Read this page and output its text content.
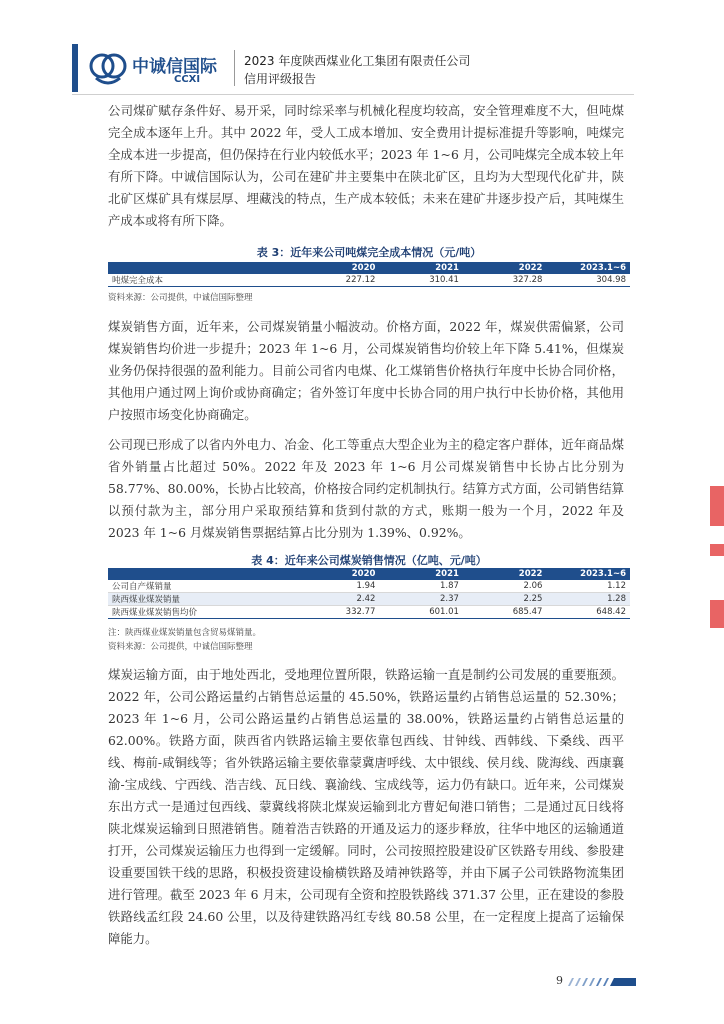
中诚信国际
CCXI
2023 年度陕西煤业化工集团有限责任公司
信用评级报告

公司煤矿赋存条件好、易开采，同时综采率与机械化程度均较高，安全管理难度不大，但吨煤完全成本逐年上升。其中 2022 年，受人工成本增加、安全费用计提标准提升等影响，吨煤完全成本进一步提高，但仍保持在行业内较低水平；2023 年 1~6 月，公司吨煤完全成本较上年有所下降。中诚信国际认为，公司在建矿井主要集中在陕北矿区，且均为大型现代化矿井，陕北矿区煤矿具有煤层厚、埋藏浅的特点，生产成本较低；未来在建矿井逐步投产后，其吨煤生产成本或将有所下降。

表 3：近年来公司吨煤完全成本情况（元/吨）
	2020	2021	2022	2023.1~6
吨煤完全成本	227.12	310.41	327.28	304.98
资料来源：公司提供，中诚信国际整理

煤炭销售方面，近年来，公司煤炭销量小幅波动。价格方面，2022 年，煤炭供需偏紧，公司煤炭销售均价进一步提升；2023 年 1~6 月，公司煤炭销售均价较上年下降 5.41%，但煤炭业务仍保持很强的盈利能力。目前公司省内电煤、化工煤销售价格执行年度中长协合同价格，其他用户通过网上询价或协商确定；省外签订年度中长协合同的用户执行中长协价格，其他用户按照市场变化协商确定。

公司现已形成了以省内外电力、冶金、化工等重点大型企业为主的稳定客户群体，近年商品煤省外销量占比超过 50%。2022 年及 2023 年 1~6 月公司煤炭销售中长协占比分别为 58.77%、80.00%，长协占比较高，价格按合同约定机制执行。结算方式方面，公司销售结算以预付款为主，部分用户采取预结算和货到付款的方式，账期一般为一个月，2022 年及 2023 年 1~6 月煤炭销售票据结算占比分别为 1.39%、0.92%。

表 4：近年来公司煤炭销售情况（亿吨、元/吨）
	2020	2021	2022	2023.1~6
公司自产煤销量	1.94	1.87	2.06	1.12
陕西煤业煤炭销量	2.42	2.37	2.25	1.28
陕西煤业煤炭销售均价	332.77	601.01	685.47	648.42
注：陕西煤业煤炭销量包含贸易煤销量。
资料来源：公司提供，中诚信国际整理

煤炭运输方面，由于地处西北，受地理位置所限，铁路运输一直是制约公司发展的重要瓶颈。2022 年，公司公路运量约占销售总运量的 45.50%，铁路运量约占销售总运量的 52.30%；2023 年 1~6 月，公司公路运量约占销售总运量的 38.00%，铁路运量约占销售总运量的 62.00%。铁路方面，陕西省内铁路运输主要依靠包西线、甘钟线、西韩线、下桑线、西平线、梅前-咸铜线等；省外铁路运输主要依靠蒙冀唐呼线、太中银线、侯月线、陇海线、西康襄渝-宝成线、宁西线、浩吉线、瓦日线、襄渝线、宝成线等，运力仍有缺口。近年来，公司煤炭东出方式一是通过包西线、蒙冀线将陕北煤炭运输到北方曹妃甸港口销售；二是通过瓦日线将陕北煤炭运输到日照港销售。随着浩吉铁路的开通及运力的逐步释放，往华中地区的运输通道打开，公司煤炭运输压力也得到一定缓解。同时，公司按照控股建设矿区铁路专用线、参股建设重要国铁干线的思路，积极投资建设榆横铁路及靖神铁路等，并由下属子公司铁路物流集团进行管理。截至 2023 年 6 月末，公司现有全资和控股铁路线 371.37 公里，正在建设的参股铁路线孟红段 24.60 公里，以及待建铁路冯红专线 80.58 公里，在一定程度上提高了运输保障能力。

9
